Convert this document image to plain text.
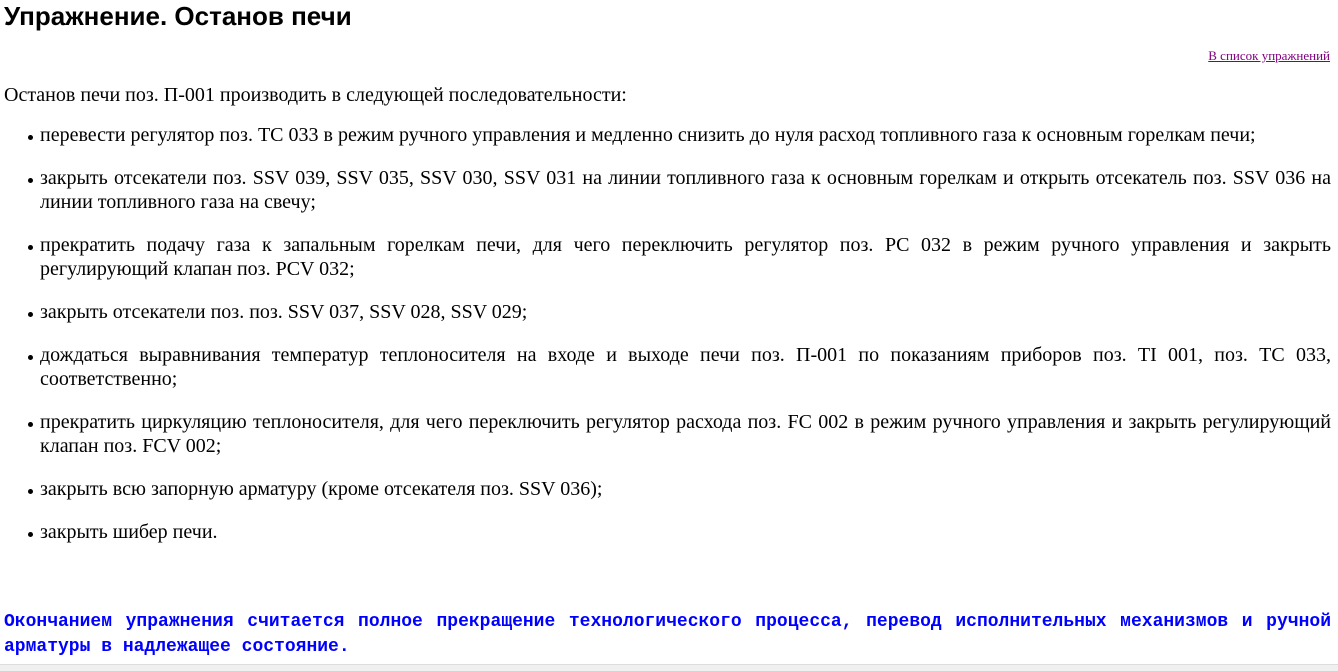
Упражнение. Останов печи
В список упражнений

Останов печи поз. П-001 производить в следующей последовательности:

перевести регулятор поз. TC 033 в режим ручного управления и медленно снизить до нуля расход топливного газа к основным горелкам печи;
закрыть отсекатели поз. SSV 039, SSV 035, SSV 030, SSV 031 на линии топливного газа к основным горелкам и открыть отсекатель поз. SSV 036 на линии топливного газа на свечу;
прекратить подачу газа к запальным горелкам печи, для чего переключить регулятор поз. PC 032 в режим ручного управления и закрыть регулирующий клапан поз. PCV 032;
закрыть отсекатели поз. поз. SSV 037, SSV 028, SSV 029;
дождаться выравнивания температур теплоносителя на входе и выходе печи поз. П-001 по показаниям приборов поз. TI 001, поз. TC 033, соответственно;
прекратить циркуляцию теплоносителя, для чего переключить регулятор расхода поз. FC 002 в режим ручного управления и закрыть регулирующий клапан поз. FCV 002;
закрыть всю запорную арматуру (кроме отсекателя поз. SSV 036);
закрыть шибер печи.

Окончанием упражнения считается полное прекращение технологического процесса, перевод исполнительных механизмов и ручной арматуры в надлежащее состояние.
